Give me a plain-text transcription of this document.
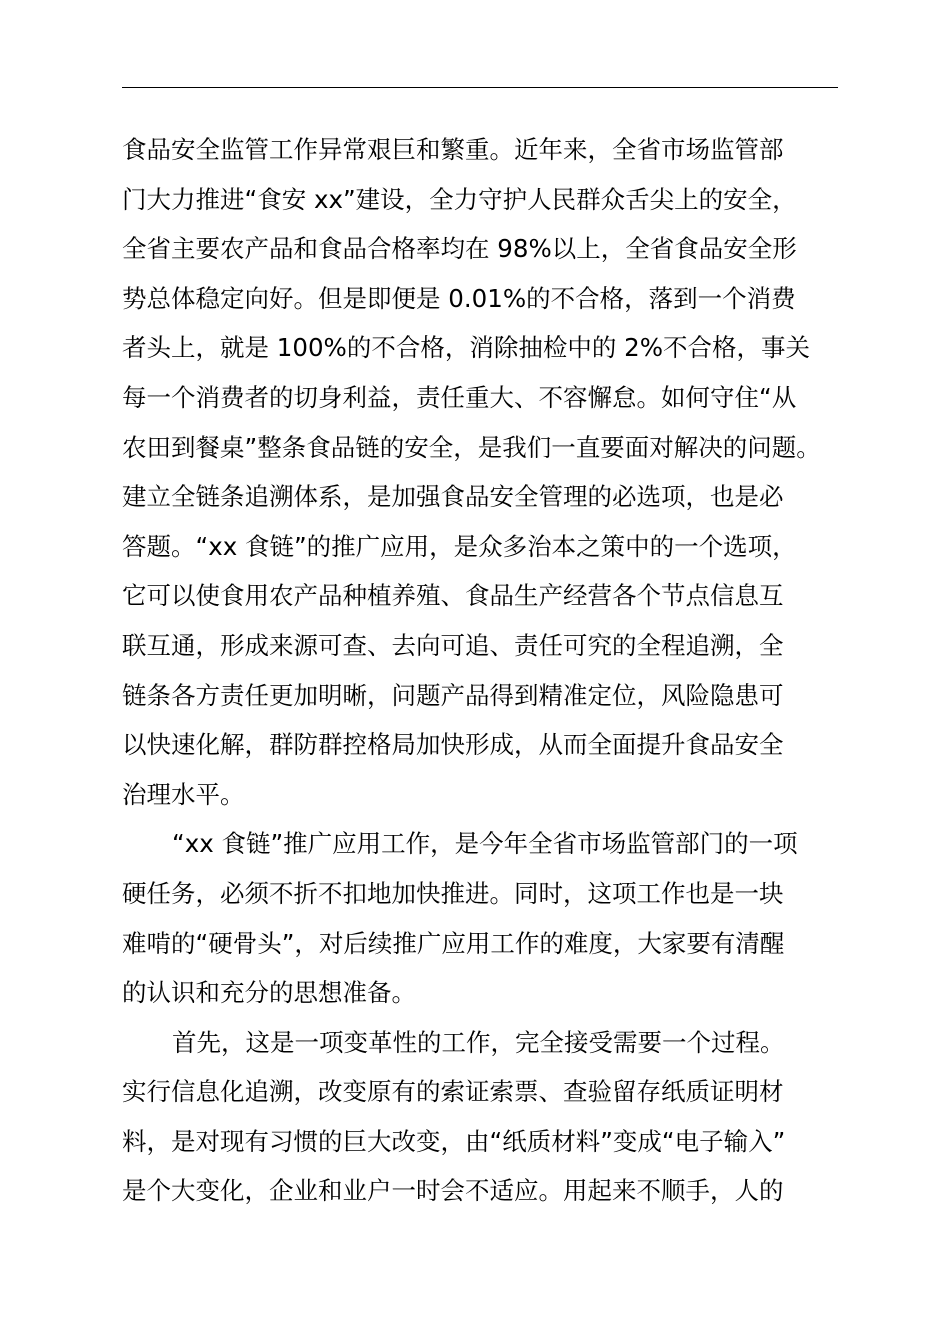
食品安全监管工作异常艰巨和繁重。近年来，全省市场监管部
门大力推进“食安 xx”建设，全力守护人民群众舌尖上的安全，
全省主要农产品和食品合格率均在 98%以上，全省食品安全形
势总体稳定向好。但是即便是 0.01%的不合格，落到一个消费
者头上，就是 100%的不合格，消除抽检中的 2%不合格，事关
每一个消费者的切身利益，责任重大、不容懈怠。如何守住“从
农田到餐桌”整条食品链的安全，是我们一直要面对解决的问题。
建立全链条追溯体系，是加强食品安全管理的必选项，也是必
答题。“xx 食链”的推广应用，是众多治本之策中的一个选项，
它可以使食用农产品种植养殖、食品生产经营各个节点信息互
联互通，形成来源可查、去向可追、责任可究的全程追溯，全
链条各方责任更加明晰，问题产品得到精准定位，风险隐患可
以快速化解，群防群控格局加快形成，从而全面提升食品安全
治理水平。
“xx 食链”推广应用工作，是今年全省市场监管部门的一项
硬任务，必须不折不扣地加快推进。同时，这项工作也是一块
难啃的“硬骨头”，对后续推广应用工作的难度，大家要有清醒
的认识和充分的思想准备。
首先，这是一项变革性的工作，完全接受需要一个过程。
实行信息化追溯，改变原有的索证索票、查验留存纸质证明材
料，是对现有习惯的巨大改变，由“纸质材料”变成“电子输入”
是个大变化，企业和业户一时会不适应。用起来不顺手，人的
